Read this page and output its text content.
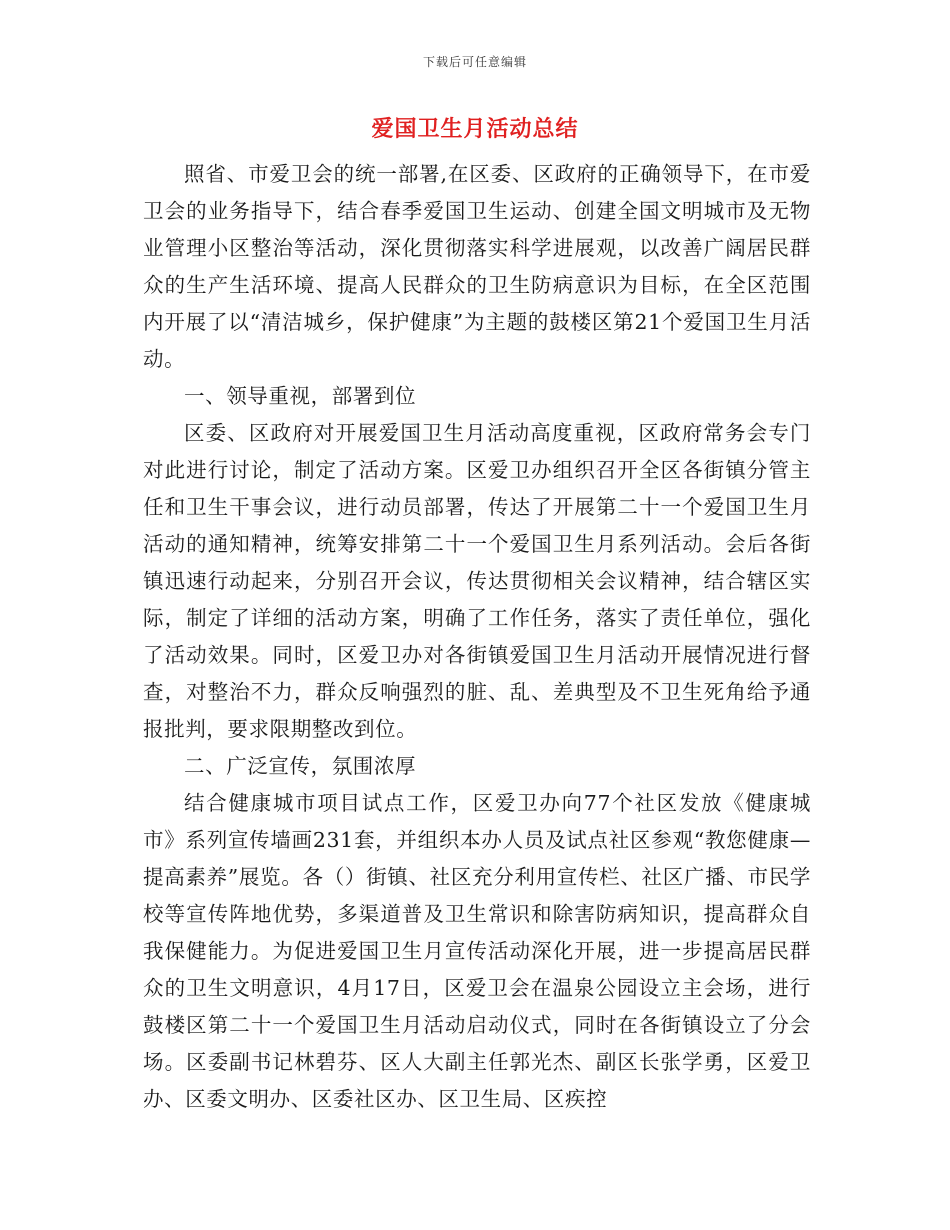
下载后可任意编辑
爱国卫生月活动总结

照省、市爱卫会的统一部署,在区委、区政府的正确领导下，在市爱卫会的业务指导下，结合春季爱国卫生运动、创建全国文明城市及无物业管理小区整治等活动，深化贯彻落实科学进展观，以改善广阔居民群众的生产生活环境、提高人民群众的卫生防病意识为目标，在全区范围内开展了以“清洁城乡，保护健康”为主题的鼓楼区第21个爱国卫生月活动。

一、领导重视，部署到位

区委、区政府对开展爱国卫生月活动高度重视，区政府常务会专门对此进行讨论，制定了活动方案。区爱卫办组织召开全区各街镇分管主任和卫生干事会议，进行动员部署，传达了开展第二十一个爱国卫生月活动的通知精神，统筹安排第二十一个爱国卫生月系列活动。会后各街镇迅速行动起来，分别召开会议，传达贯彻相关会议精神，结合辖区实际，制定了详细的活动方案，明确了工作任务，落实了责任单位，强化了活动效果。同时，区爱卫办对各街镇爱国卫生月活动开展情况进行督查，对整治不力，群众反响强烈的脏、乱、差典型及不卫生死角给予通报批判，要求限期整改到位。

二、广泛宣传，氛围浓厚

结合健康城市项目试点工作，区爱卫办向77个社区发放《健康城市》系列宣传墙画231套，并组织本办人员及试点社区参观“教您健康—提高素养”展览。各（）街镇、社区充分利用宣传栏、社区广播、市民学校等宣传阵地优势，多渠道普及卫生常识和除害防病知识，提高群众自我保健能力。为促进爱国卫生月宣传活动深化开展，进一步提高居民群众的卫生文明意识，4月17日，区爱卫会在温泉公园设立主会场，进行鼓楼区第二十一个爱国卫生月活动启动仪式，同时在各街镇设立了分会场。区委副书记林碧芬、区人大副主任郭光杰、副区长张学勇，区爱卫办、区委文明办、区委社区办、区卫生局、区疾控
